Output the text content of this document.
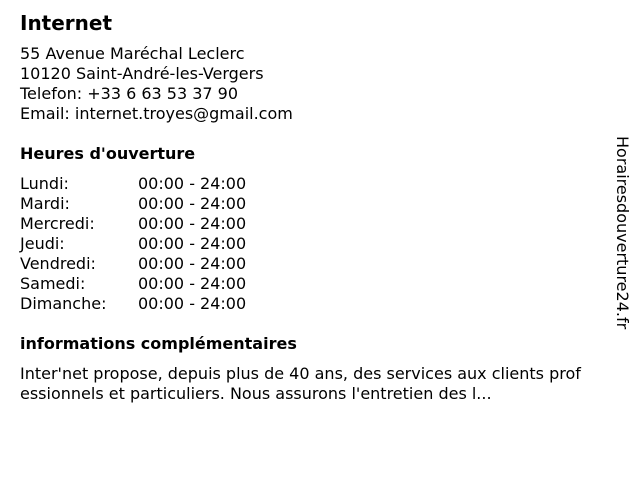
Internet
55 Avenue Maréchal Leclerc
10120 Saint-André-les-Vergers
Telefon: +33 6 63 53 37 90
Email: internet.troyes@gmail.com
Heures d'ouverture
Lundi:	00:00 - 24:00
Mardi:	00:00 - 24:00
Mercredi:	00:00 - 24:00
Jeudi:	00:00 - 24:00
Vendredi:	00:00 - 24:00
Samedi:	00:00 - 24:00
Dimanche:	00:00 - 24:00
informations complémentaires
Inter'net propose, depuis plus de 40 ans, des services aux clients professionnels et particuliers. Nous assurons l'entretien des l...
Horairesdouverture24.fr
